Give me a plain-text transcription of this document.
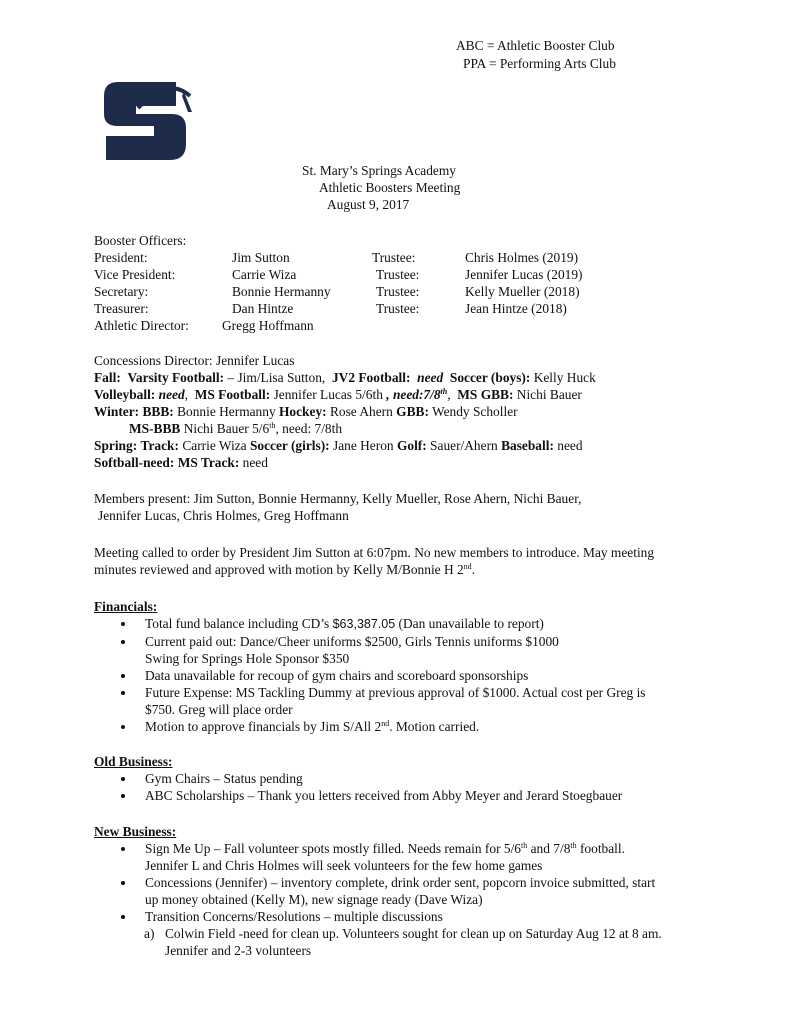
ABC = Athletic Booster Club
PPA = Performing Arts Club
St. Mary’s Springs Academy
Athletic Boosters Meeting
August 9, 2017
Booster Officers:
President:	Jim Sutton	Trustee:	Chris Holmes (2019)
Vice President:	Carrie Wiza	Trustee:	Jennifer Lucas (2019)
Secretary:	Bonnie Hermanny	Trustee:	Kelly Mueller (2018)
Treasurer:	Dan Hintze	Trustee:	Jean Hintze (2018)
Athletic Director: Gregg Hoffmann
Concessions Director: Jennifer Lucas
Fall: Varsity Football: – Jim/Lisa Sutton, JV2 Football: need Soccer (boys): Kelly Huck
Volleyball: need,  MS Football: Jennifer Lucas 5/6th , need:7/8th,  MS GBB: Nichi Bauer
Winter: BBB: Bonnie Hermanny Hockey: Rose Ahern GBB: Wendy Scholler
MS-BBB Nichi Bauer 5/6th, need: 7/8th
Spring: Track: Carrie Wiza Soccer (girls): Jane Heron Golf: Sauer/Ahern Baseball: need
Softball-need: MS Track: need
Members present: Jim Sutton, Bonnie Hermanny, Kelly Mueller, Rose Ahern, Nichi Bauer,
Jennifer Lucas, Chris Holmes, Greg Hoffmann
Meeting called to order by President Jim Sutton at 6:07pm. No new members to introduce. May meeting
minutes reviewed and approved with motion by Kelly M/Bonnie H 2nd.
Financials:
Total fund balance including CD’s $63,387.05 (Dan unavailable to report)
Current paid out: Dance/Cheer uniforms $2500, Girls Tennis uniforms $1000
Swing for Springs Hole Sponsor $350
Data unavailable for recoup of gym chairs and scoreboard sponsorships
Future Expense: MS Tackling Dummy at previous approval of $1000. Actual cost per Greg is
$750. Greg will place order
Motion to approve financials by Jim S/All 2nd. Motion carried.
Old Business:
Gym Chairs – Status pending
ABC Scholarships – Thank you letters received from Abby Meyer and Jerard Stoegbauer
New Business:
Sign Me Up – Fall volunteer spots mostly filled. Needs remain for 5/6th and 7/8th football.
Jennifer L and Chris Holmes will seek volunteers for the few home games
Concessions (Jennifer) – inventory complete, drink order sent, popcorn invoice submitted, start
up money obtained (Kelly M), new signage ready (Dave Wiza)
Transition Concerns/Resolutions – multiple discussions
a) Colwin Field -need for clean up. Volunteers sought for clean up on Saturday Aug 12 at 8 am.
Jennifer and 2-3 volunteers
